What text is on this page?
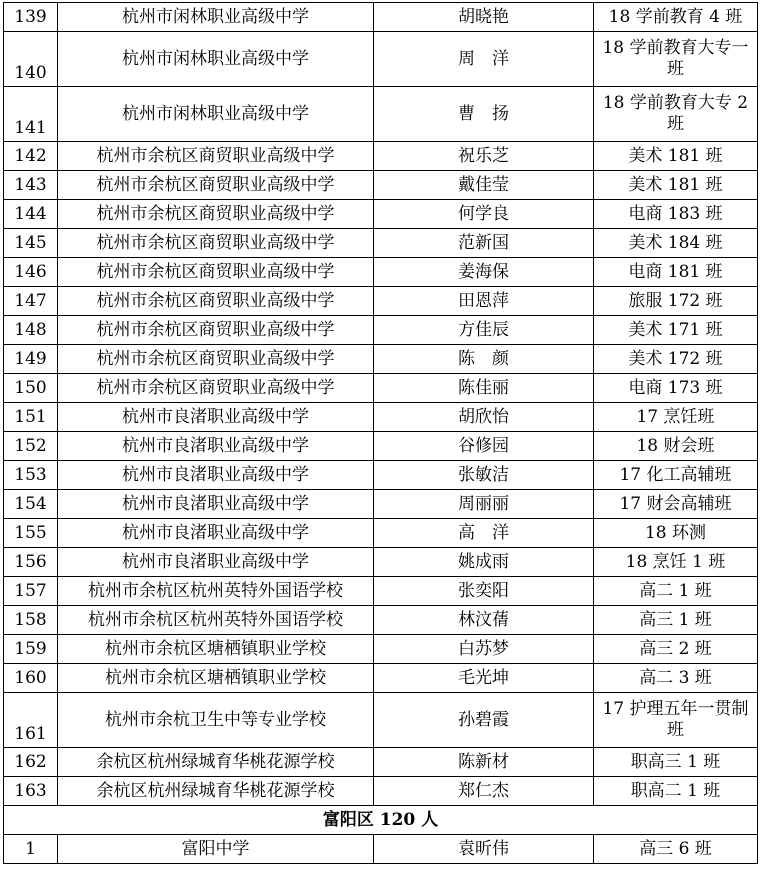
139	杭州市闲林职业高级中学	胡晓艳	18 学前教育 4 班
140	杭州市闲林职业高级中学	周　洋	18 学前教育大专一班
141	杭州市闲林职业高级中学	曹　扬	18 学前教育大专 2 班
142	杭州市余杭区商贸职业高级中学	祝乐芝	美术 181 班
143	杭州市余杭区商贸职业高级中学	戴佳莹	美术 181 班
144	杭州市余杭区商贸职业高级中学	何学良	电商 183 班
145	杭州市余杭区商贸职业高级中学	范新国	美术 184 班
146	杭州市余杭区商贸职业高级中学	姜海保	电商 181 班
147	杭州市余杭区商贸职业高级中学	田恩萍	旅服 172 班
148	杭州市余杭区商贸职业高级中学	方佳辰	美术 171 班
149	杭州市余杭区商贸职业高级中学	陈　颜	美术 172 班
150	杭州市余杭区商贸职业高级中学	陈佳丽	电商 173 班
151	杭州市良渚职业高级中学	胡欣怡	17 烹饪班
152	杭州市良渚职业高级中学	谷修园	18 财会班
153	杭州市良渚职业高级中学	张敏洁	17 化工高辅班
154	杭州市良渚职业高级中学	周丽丽	17 财会高辅班
155	杭州市良渚职业高级中学	高　洋	18 环测
156	杭州市良渚职业高级中学	姚成雨	18 烹饪 1 班
157	杭州市余杭区杭州英特外国语学校	张奕阳	高二 1 班
158	杭州市余杭区杭州英特外国语学校	林汶蒨	高三 1 班
159	杭州市余杭区塘栖镇职业学校	白苏梦	高三 2 班
160	杭州市余杭区塘栖镇职业学校	毛光坤	高二 3 班
161	杭州市余杭卫生中等专业学校	孙碧霞	17 护理五年一贯制班
162	余杭区杭州绿城育华桃花源学校	陈新材	职高三 1 班
163	余杭区杭州绿城育华桃花源学校	郑仁杰	职高二 1 班
富阳区 120 人			
1	富阳中学	袁昕伟	高三 6 班
